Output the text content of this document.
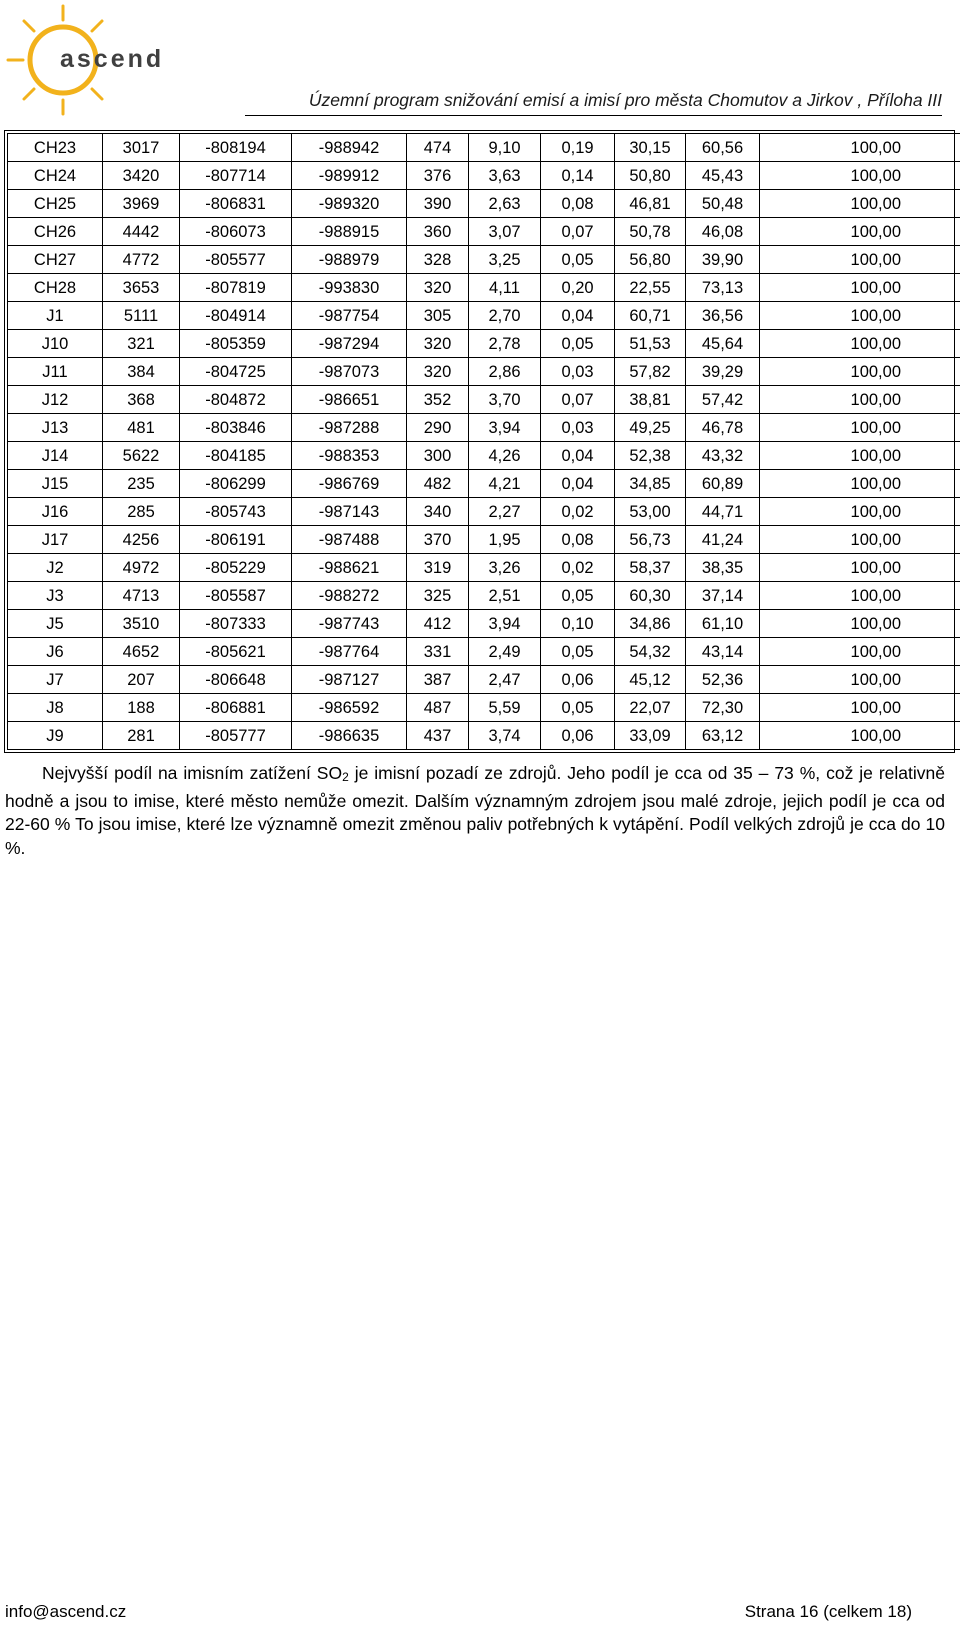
ascend
Územní program snižování emisí a imisí pro města Chomutov a Jirkov , Příloha III
CH23	3017	-808194	-988942	474	9,10	0,19	30,15	60,56	100,00
CH24	3420	-807714	-989912	376	3,63	0,14	50,80	45,43	100,00
CH25	3969	-806831	-989320	390	2,63	0,08	46,81	50,48	100,00
CH26	4442	-806073	-988915	360	3,07	0,07	50,78	46,08	100,00
CH27	4772	-805577	-988979	328	3,25	0,05	56,80	39,90	100,00
CH28	3653	-807819	-993830	320	4,11	0,20	22,55	73,13	100,00
J1	5111	-804914	-987754	305	2,70	0,04	60,71	36,56	100,00
J10	321	-805359	-987294	320	2,78	0,05	51,53	45,64	100,00
J11	384	-804725	-987073	320	2,86	0,03	57,82	39,29	100,00
J12	368	-804872	-986651	352	3,70	0,07	38,81	57,42	100,00
J13	481	-803846	-987288	290	3,94	0,03	49,25	46,78	100,00
J14	5622	-804185	-988353	300	4,26	0,04	52,38	43,32	100,00
J15	235	-806299	-986769	482	4,21	0,04	34,85	60,89	100,00
J16	285	-805743	-987143	340	2,27	0,02	53,00	44,71	100,00
J17	4256	-806191	-987488	370	1,95	0,08	56,73	41,24	100,00
J2	4972	-805229	-988621	319	3,26	0,02	58,37	38,35	100,00
J3	4713	-805587	-988272	325	2,51	0,05	60,30	37,14	100,00
J5	3510	-807333	-987743	412	3,94	0,10	34,86	61,10	100,00
J6	4652	-805621	-987764	331	2,49	0,05	54,32	43,14	100,00
J7	207	-806648	-987127	387	2,47	0,06	45,12	52,36	100,00
J8	188	-806881	-986592	487	5,59	0,05	22,07	72,30	100,00
J9	281	-805777	-986635	437	3,74	0,06	33,09	63,12	100,00
Nejvyšší podíl na imisním zatížení $SO_2$ je imisní pozadí ze zdrojů. Jeho podíl je cca od 35 – 73 %, což je relativně hodně a jsou to imise, které město nemůže omezit. Dalším významným zdrojem jsou malé zdroje, jejich podíl je cca od 22-60 % To jsou imise, které lze významně omezit změnou paliv potřebných k vytápění. Podíl velkých zdrojů je cca do 10 %.
info@ascend.cz	Strana 16 (celkem 18)
